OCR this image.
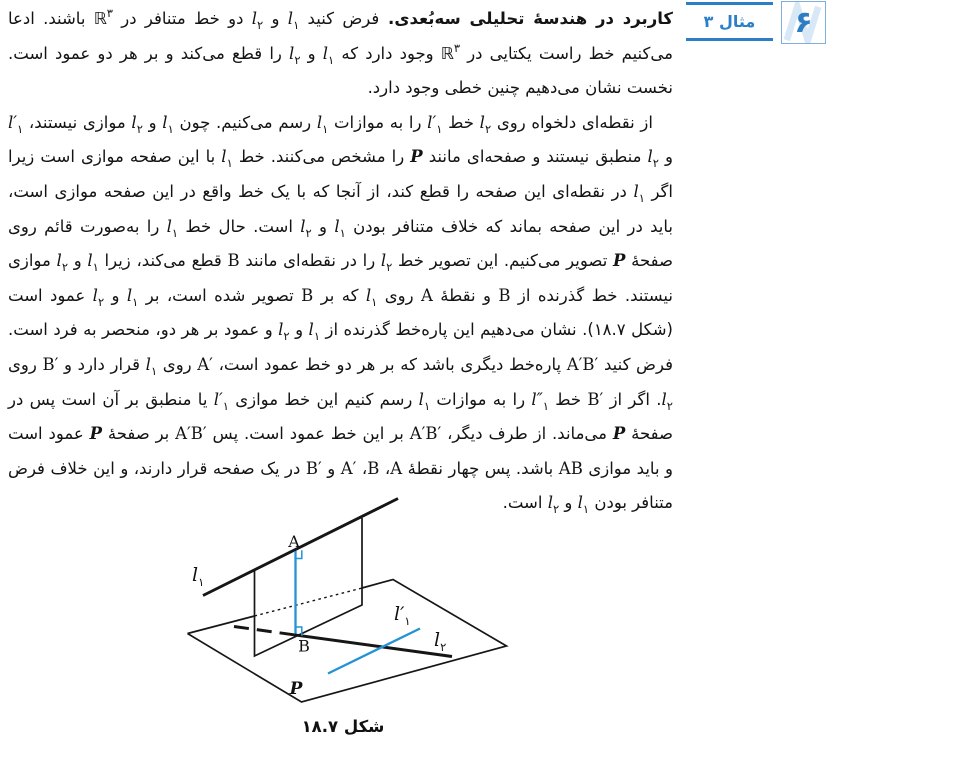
مثال ۳	۶

کاربرد در هندسهٔ تحلیلی سه‌بُعدی. فرض کنید $l_۱$ و $l_۲$ دو خط متنافر در ℝ$^۳$ باشند. ادعا می‌کنیم خط راست یکتایی در ℝ$^۳$ وجود دارد که $l_۱$ و $l_۲$ را قطع می‌کند و بر هر دو عمود است. نخست نشان می‌دهیم چنین خطی وجود دارد.

از نقطه‌ای دلخواه روی $l_۲$ خط $l'_۱$ را به موازات $l_۱$ رسم می‌کنیم. چون $l_۱$ و $l_۲$ موازی نیستند، $l'_۱$ و $l_۲$ منطبق نیستند و صفحه‌ای مانند P را مشخص می‌کنند. خط $l_۱$ با این صفحه موازی است زیرا اگر $l_۱$ در نقطه‌ای این صفحه را قطع کند، از آنجا که با یک خط واقع در این صفحه موازی است، باید در این صفحه بماند که خلاف متنافر بودن $l_۱$ و $l_۲$ است. حال خط $l_۱$ را به‌صورت قائم روی صفحهٔ P تصویر می‌کنیم. این تصویر خط $l_۲$ را در نقطه‌ای مانند B قطع می‌کند، زیرا $l_۱$ و $l_۲$ موازی نیستند. خط گذرنده از B و نقطهٔ A روی $l_۱$ که بر B تصویر شده است، بر $l_۱$ و $l_۲$ عمود است (شکل ۱۸.۷). نشان می‌دهیم این پاره‌خط گذرنده از $l_۱$ و $l_۲$ و عمود بر هر دو، منحصر به فرد است. فرض کنید A′B′ پاره‌خط دیگری باشد که بر هر دو خط عمود است، A′ روی $l_۱$ قرار دارد و B′ روی $l_۲$. اگر از B′ خط $l''_۱$ را به موازات $l_۱$ رسم کنیم این خط موازی $l'_۱$ یا منطبق بر آن است پس در صفحهٔ P می‌ماند. از طرف دیگر، A′B′ بر این خط عمود است. پس A′B′ بر صفحهٔ P عمود است و باید موازی AB باشد. پس چهار نقطهٔ A، B، A′ و B′ در یک صفحه قرار دارند، و این خلاف فرض متنافر بودن $l_۱$ و $l_۲$ است.

A
B
$l_۱$
$l_۲$
$l'_۱$
P
شکل ۱۸.۷
